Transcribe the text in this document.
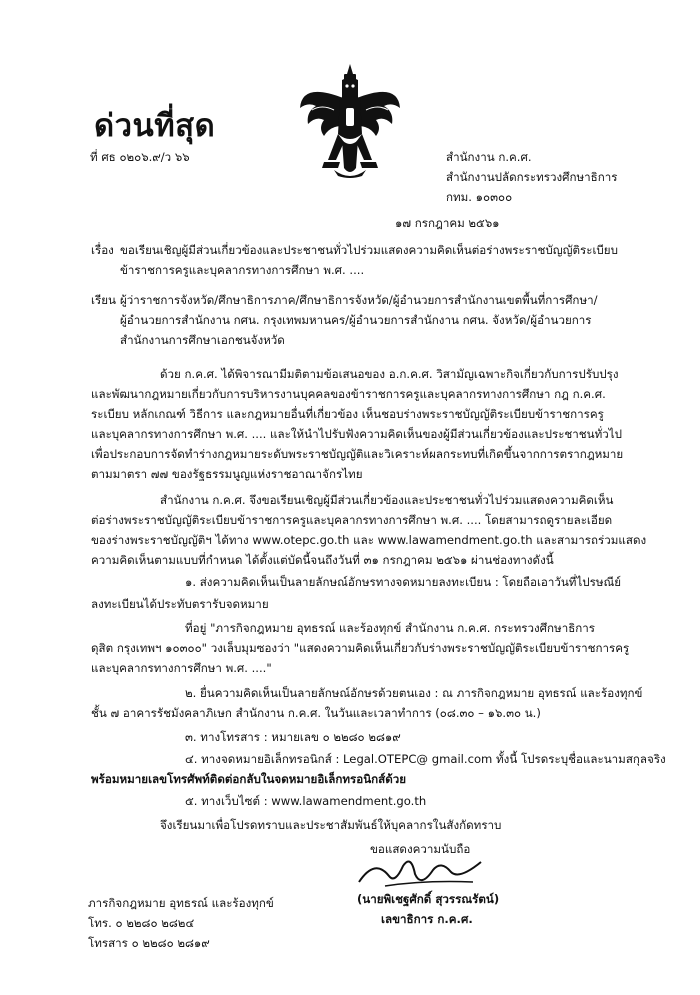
ด่วนที่สุด
ที่ ศธ ๐๒๐๖.๙/ว ๖๖	สำนักงาน ก.ค.ศ.
สำนักงานปลัดกระทรวงศึกษาธิการ
กทม. ๑๐๓๐๐
๑๗ กรกฎาคม ๒๕๖๑
เรื่อง ขอเรียนเชิญผู้มีส่วนเกี่ยวข้องและประชาชนทั่วไปร่วมแสดงความคิดเห็นต่อร่างพระราชบัญญัติระเบียบ
ข้าราชการครูและบุคลากรทางการศึกษา พ.ศ. ....
เรียน ผู้ว่าราชการจังหวัด/ศึกษาธิการภาค/ศึกษาธิการจังหวัด/ผู้อำนวยการสำนักงานเขตพื้นที่การศึกษา/
ผู้อำนวยการสำนักงาน กศน. กรุงเทพมหานคร/ผู้อำนวยการสำนักงาน กศน. จังหวัด/ผู้อำนวยการ
สำนักงานการศึกษาเอกชนจังหวัด
ด้วย ก.ค.ศ. ได้พิจารณามีมติตามข้อเสนอของ อ.ก.ค.ศ. วิสามัญเฉพาะกิจเกี่ยวกับการปรับปรุง
และพัฒนากฎหมายเกี่ยวกับการบริหารงานบุคคลของข้าราชการครูและบุคลากรทางการศึกษา กฎ ก.ค.ศ.
ระเบียบ หลักเกณฑ์ วิธีการ และกฎหมายอื่นที่เกี่ยวข้อง เห็นชอบร่างพระราชบัญญัติระเบียบข้าราชการครู
และบุคลากรทางการศึกษา พ.ศ. .... และให้นำไปรับฟังความคิดเห็นของผู้มีส่วนเกี่ยวข้องและประชาชนทั่วไป
เพื่อประกอบการจัดทำร่างกฎหมายระดับพระราชบัญญัติและวิเคราะห์ผลกระทบที่เกิดขึ้นจากการตรากฎหมาย
ตามมาตรา ๗๗ ของรัฐธรรมนูญแห่งราชอาณาจักรไทย
สำนักงาน ก.ค.ศ. จึงขอเรียนเชิญผู้มีส่วนเกี่ยวข้องและประชาชนทั่วไปร่วมแสดงความคิดเห็น
ต่อร่างพระราชบัญญัติระเบียบข้าราชการครูและบุคลากรทางการศึกษา พ.ศ. .... โดยสามารถดูรายละเอียด
ของร่างพระราชบัญญัติฯ ได้ทาง www.otepc.go.th และ www.lawamendment.go.th และสามารถร่วมแสดง
ความคิดเห็นตามแบบที่กำหนด ได้ตั้งแต่บัดนี้จนถึงวันที่ ๓๑ กรกฎาคม ๒๕๖๑ ผ่านช่องทางดังนี้
๑. ส่งความคิดเห็นเป็นลายลักษณ์อักษรทางจดหมายลงทะเบียน : โดยถือเอาวันที่ไปรษณีย์
ลงทะเบียนได้ประทับตรารับจดหมาย
ที่อยู่ "ภารกิจกฎหมาย อุทธรณ์ และร้องทุกข์ สำนักงาน ก.ค.ศ. กระทรวงศึกษาธิการ
ดุสิต กรุงเทพฯ ๑๐๓๐๐" วงเล็บมุมซองว่า "แสดงความคิดเห็นเกี่ยวกับร่างพระราชบัญญัติระเบียบข้าราชการครู
และบุคลากรทางการศึกษา พ.ศ. ...."
๒. ยื่นความคิดเห็นเป็นลายลักษณ์อักษรด้วยตนเอง : ณ ภารกิจกฎหมาย อุทธรณ์ และร้องทุกข์
ชั้น ๗ อาคารรัชมังคลาภิเษก สำนักงาน ก.ค.ศ. ในวันและเวลาทำการ (๐๘.๓๐ – ๑๖.๓๐ น.)
๓. ทางโทรสาร : หมายเลข ๐ ๒๒๘๐ ๒๘๑๙
๔. ทางจดหมายอิเล็กทรอนิกส์ : Legal.OTEPC@ gmail.com ทั้งนี้ โปรดระบุชื่อและนามสกุลจริง
พร้อมหมายเลขโทรศัพท์ติดต่อกลับในจดหมายอิเล็กทรอนิกส์ด้วย
๕. ทางเว็บไซต์ : www.lawamendment.go.th
จึงเรียนมาเพื่อโปรดทราบและประชาสัมพันธ์ให้บุคลากรในสังกัดทราบ
ขอแสดงความนับถือ
(นายพิเชฐศักดิ์ สุวรรณรัตน์)
เลขาธิการ ก.ค.ศ.
ภารกิจกฎหมาย อุทธรณ์ และร้องทุกข์
โทร. ๐ ๒๒๘๐ ๒๘๒๔
โทรสาร ๐ ๒๒๘๐ ๒๘๑๙
